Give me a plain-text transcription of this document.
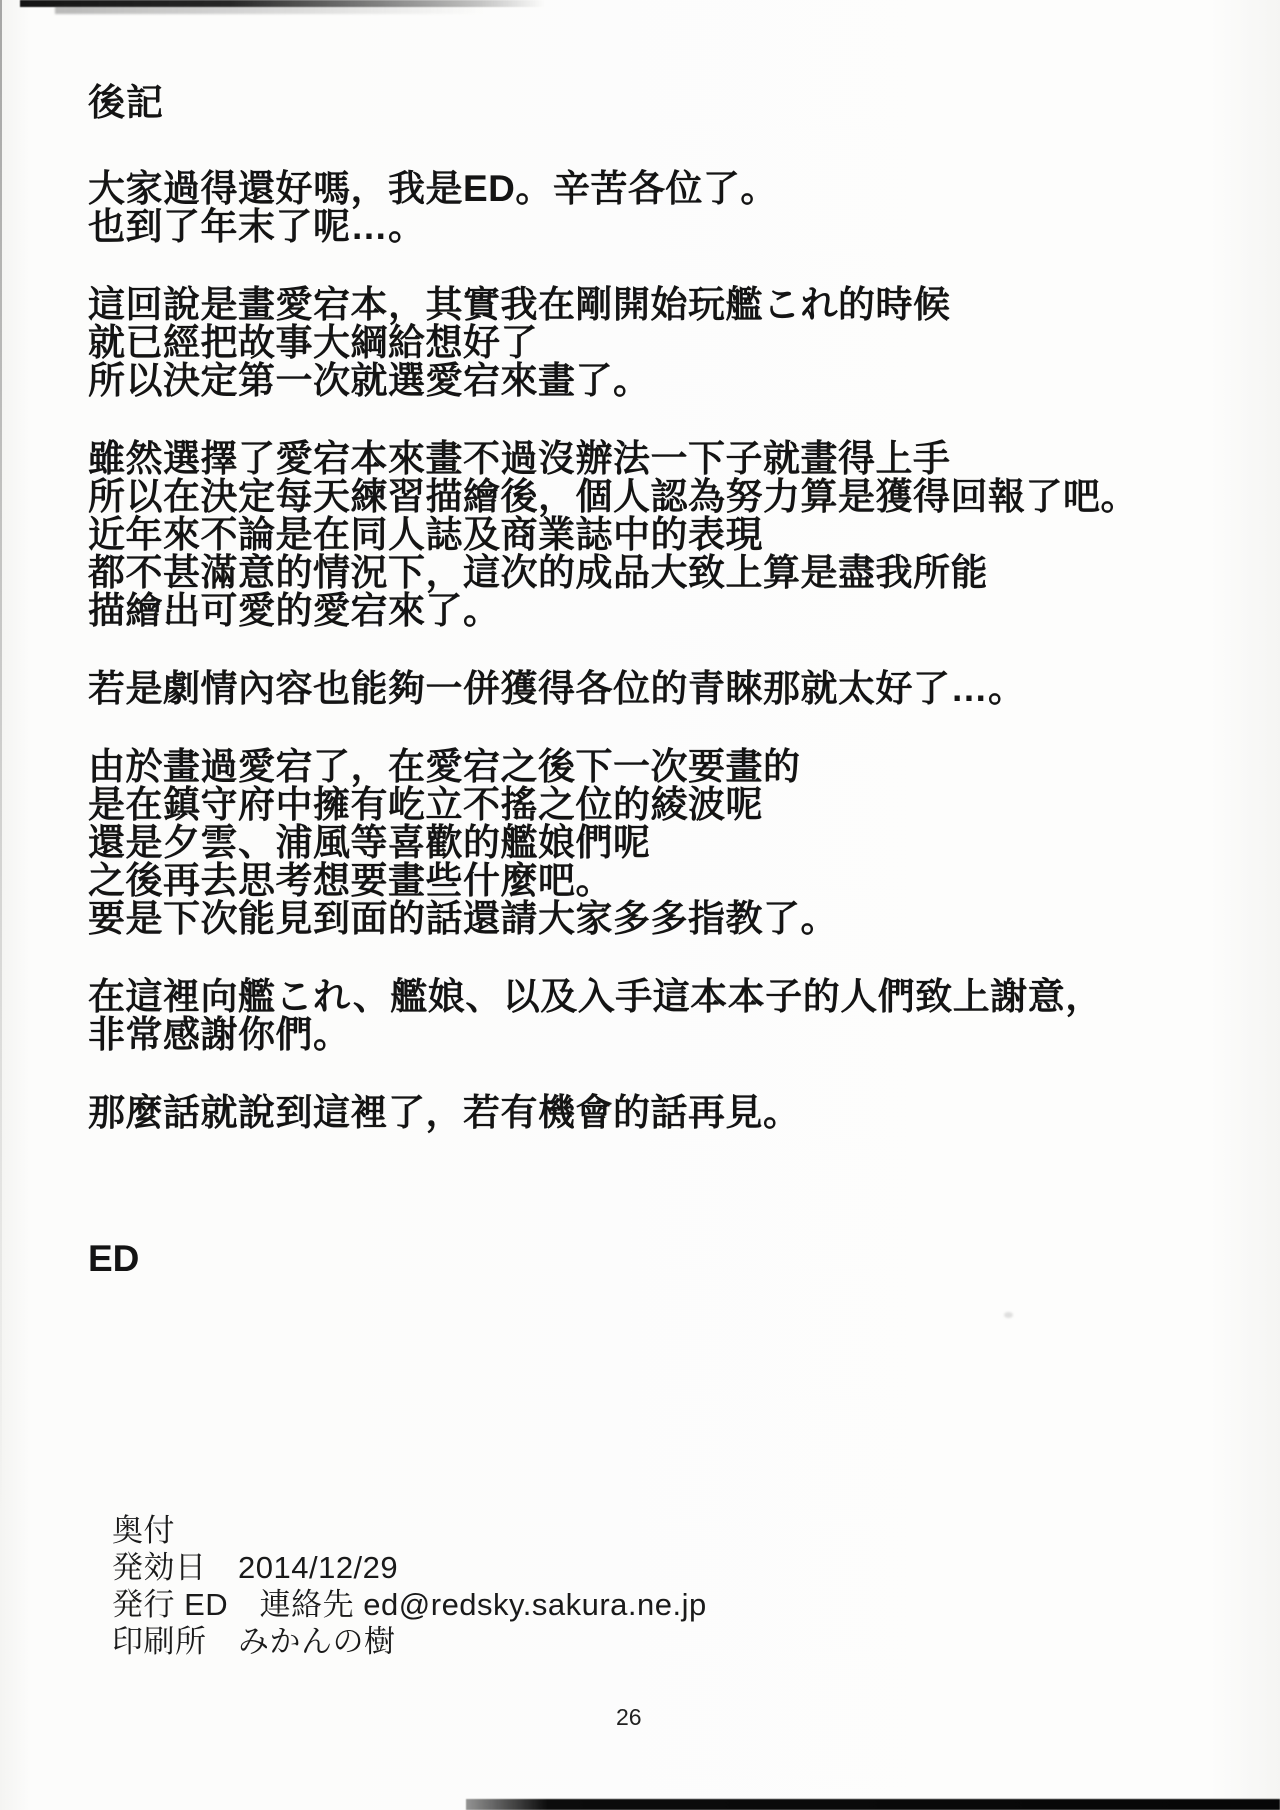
後記
大家過得還好嗎，我是ED。辛苦各位了。
也到了年末了呢…。
這回說是畫愛宕本，其實我在剛開始玩艦これ的時候
就已經把故事大綱給想好了
所以決定第一次就選愛宕來畫了。
雖然選擇了愛宕本來畫不過沒辦法一下子就畫得上手
所以在決定每天練習描繪後，個人認為努力算是獲得回報了吧。
近年來不論是在同人誌及商業誌中的表現
都不甚滿意的情況下，這次的成品大致上算是盡我所能
描繪出可愛的愛宕來了。
若是劇情內容也能夠一併獲得各位的青睞那就太好了…。
由於畫過愛宕了，在愛宕之後下一次要畫的
是在鎮守府中擁有屹立不搖之位的綾波呢
還是夕雲、浦風等喜歡的艦娘們呢
之後再去思考想要畫些什麼吧。
要是下次能見到面的話還請大家多多指教了。
在這裡向艦これ、艦娘、以及入手這本本子的人們致上謝意，
非常感謝你們。
那麼話就說到這裡了，若有機會的話再見。
ED
奥付
発効日　2014/12/29
発行 ED　連絡先 ed@redsky.sakura.ne.jp
印刷所　みかんの樹
26
